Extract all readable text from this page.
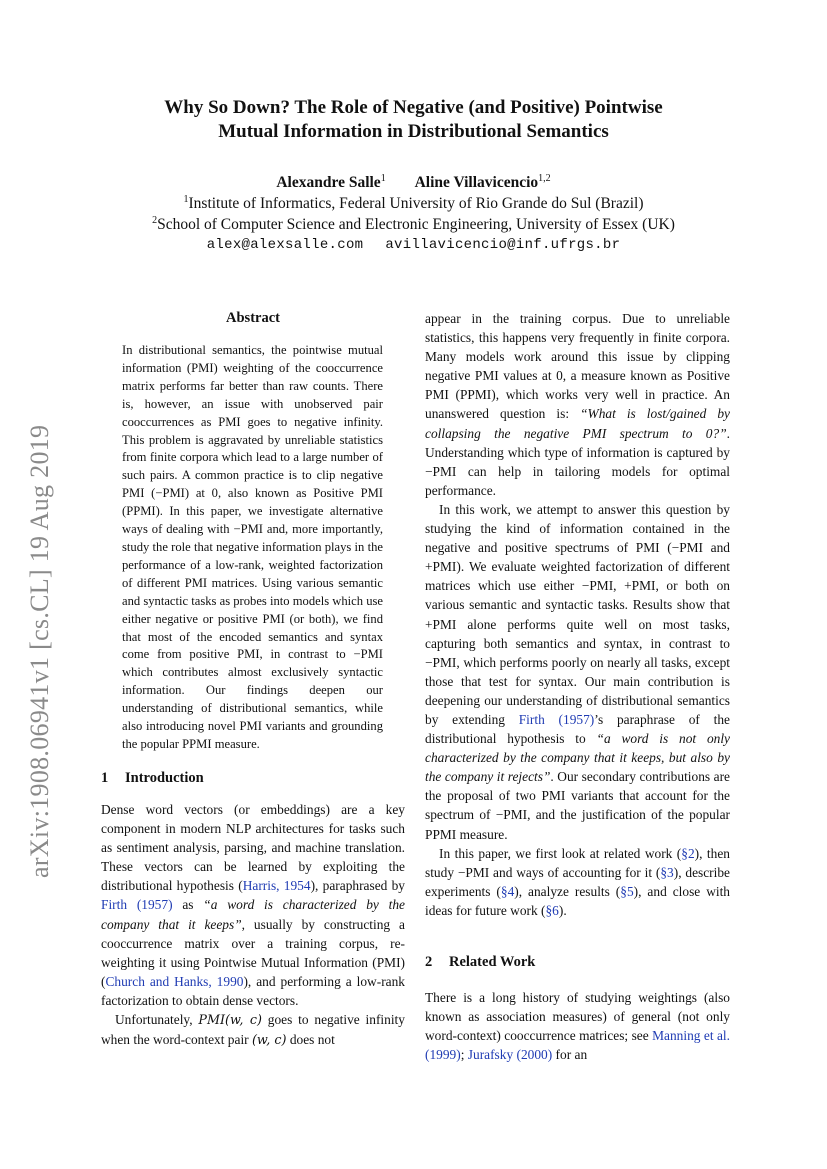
arXiv:1908.06941v1 [cs.CL] 19 Aug 2019
Why So Down? The Role of Negative (and Positive) Pointwise
Mutual Information in Distributional Semantics
Alexandre Salle$^1$ Aline Villavicencio$^{1,2}$
$^1$Institute of Informatics, Federal University of Rio Grande do Sul (Brazil)
$^2$School of Computer Science and Electronic Engineering, University of Essex (UK)
alex@alexsalle.com avillavicencio@inf.ufrgs.br
Abstract
In distributional semantics, the pointwise mutual information (PMI) weighting of the cooccurrence matrix performs far better than raw counts. There is, however, an issue with unobserved pair cooccurrences as PMI goes to negative infinity. This problem is aggravated by unreliable statistics from finite corpora which lead to a large number of such pairs. A common practice is to clip negative PMI (−PMI) at 0, also known as Positive PMI (PPMI). In this paper, we investigate alternative ways of dealing with −PMI and, more importantly, study the role that negative information plays in the performance of a low-rank, weighted factorization of different PMI matrices. Using various semantic and syntactic tasks as probes into models which use either negative or positive PMI (or both), we find that most of the encoded semantics and syntax come from positive PMI, in contrast to −PMI which contributes almost exclusively syntactic information. Our findings deepen our understanding of distributional semantics, while also introducing novel PMI variants and grounding the popular PPMI measure.
1 Introduction

Dense word vectors (or embeddings) are a key component in modern NLP architectures for tasks such as sentiment analysis, parsing, and machine translation. These vectors can be learned by exploiting the distributional hypothesis (Harris, 1954), paraphrased by Firth (1957) as “a word is characterized by the company that it keeps”, usually by constructing a cooccurrence matrix over a training corpus, re-weighting it using Pointwise Mutual Information (PMI) (Church and Hanks, 1990), and performing a low-rank factorization to obtain dense vectors.

Unfortunately, PMI(w, c) goes to negative infinity when the word-context pair (w, c) does not

appear in the training corpus. Due to unreliable statistics, this happens very frequently in finite corpora. Many models work around this issue by clipping negative PMI values at 0, a measure known as Positive PMI (PPMI), which works very well in practice. An unanswered question is: “What is lost/gained by collapsing the negative PMI spectrum to 0?”. Understanding which type of information is captured by −PMI can help in tailoring models for optimal performance.

In this work, we attempt to answer this question by studying the kind of information contained in the negative and positive spectrums of PMI (−PMI and +PMI). We evaluate weighted factorization of different matrices which use either −PMI, +PMI, or both on various semantic and syntactic tasks. Results show that +PMI alone performs quite well on most tasks, capturing both semantics and syntax, in contrast to −PMI, which performs poorly on nearly all tasks, except those that test for syntax. Our main contribution is deepening our understanding of distributional semantics by extending Firth (1957)’s paraphrase of the distributional hypothesis to “a word is not only characterized by the company that it keeps, but also by the company it rejects”. Our secondary contributions are the proposal of two PMI variants that account for the spectrum of −PMI, and the justification of the popular PPMI measure.

In this paper, we first look at related work (§2), then study −PMI and ways of accounting for it (§3), describe experiments (§4), analyze results (§5), and close with ideas for future work (§6).

2 Related Work

There is a long history of studying weightings (also known as association measures) of general (not only word-context) cooccurrence matrices; see Manning et al. (1999); Jurafsky (2000) for an
